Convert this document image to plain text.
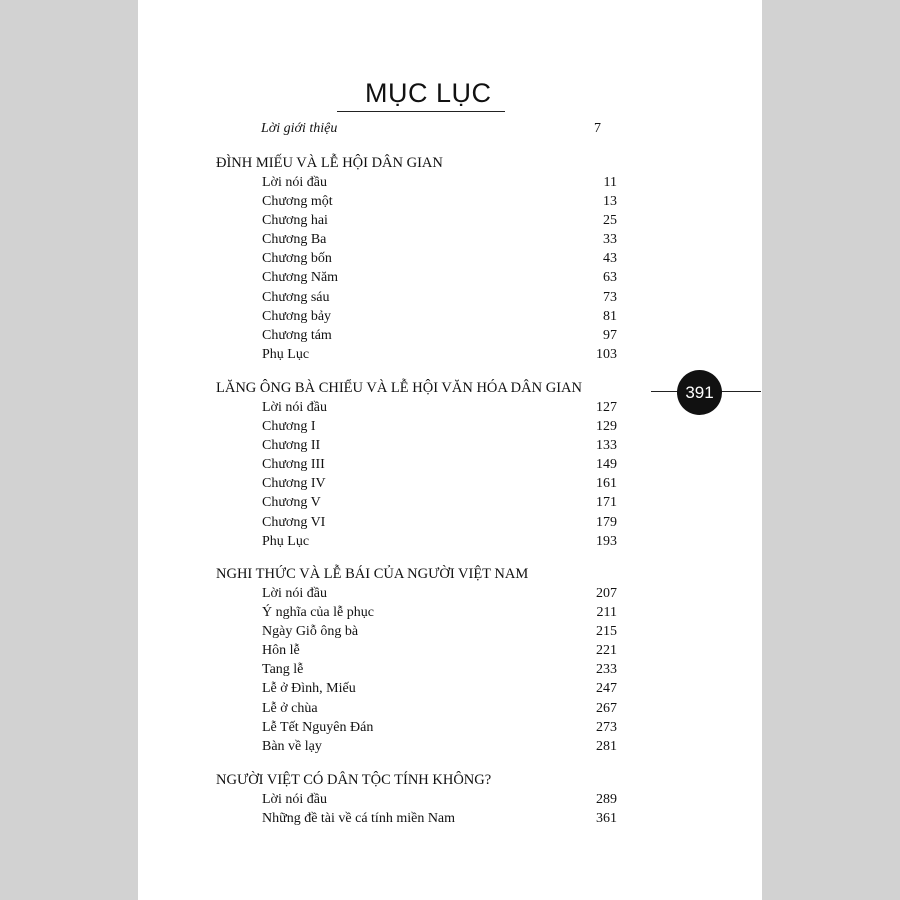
MỤC LỤC
Lời giới thiệu	7
ĐÌNH MIẾU VÀ LỄ HỘI DÂN GIAN
Lời nói đầu	11
Chương một	13
Chương hai	25
Chương Ba	33
Chương bốn	43
Chương Năm	63
Chương sáu	73
Chương bảy	81
Chương tám	97
Phụ Lục	103
LĂNG ÔNG BÀ CHIỂU VÀ LỄ HỘI VĂN HÓA DÂN GIAN
Lời nói đầu	127
Chương I	129
Chương II	133
Chương III	149
Chương IV	161
Chương V	171
Chương VI	179
Phụ Lục	193
NGHI THỨC VÀ LỄ BÁI CỦA NGƯỜI VIỆT NAM
Lời nói đầu	207
Ý nghĩa của lễ phục	211
Ngày Giỗ ông bà	215
Hôn lễ	221
Tang lễ	233
Lễ ở Đình, Miếu	247
Lễ ở chùa	267
Lễ Tết Nguyên Đán	273
Bàn về lạy	281
NGƯỜI VIỆT CÓ DÂN TỘC TÍNH KHÔNG?
Lời nói đầu	289
Những đề tài về cá tính miền Nam	361
391
